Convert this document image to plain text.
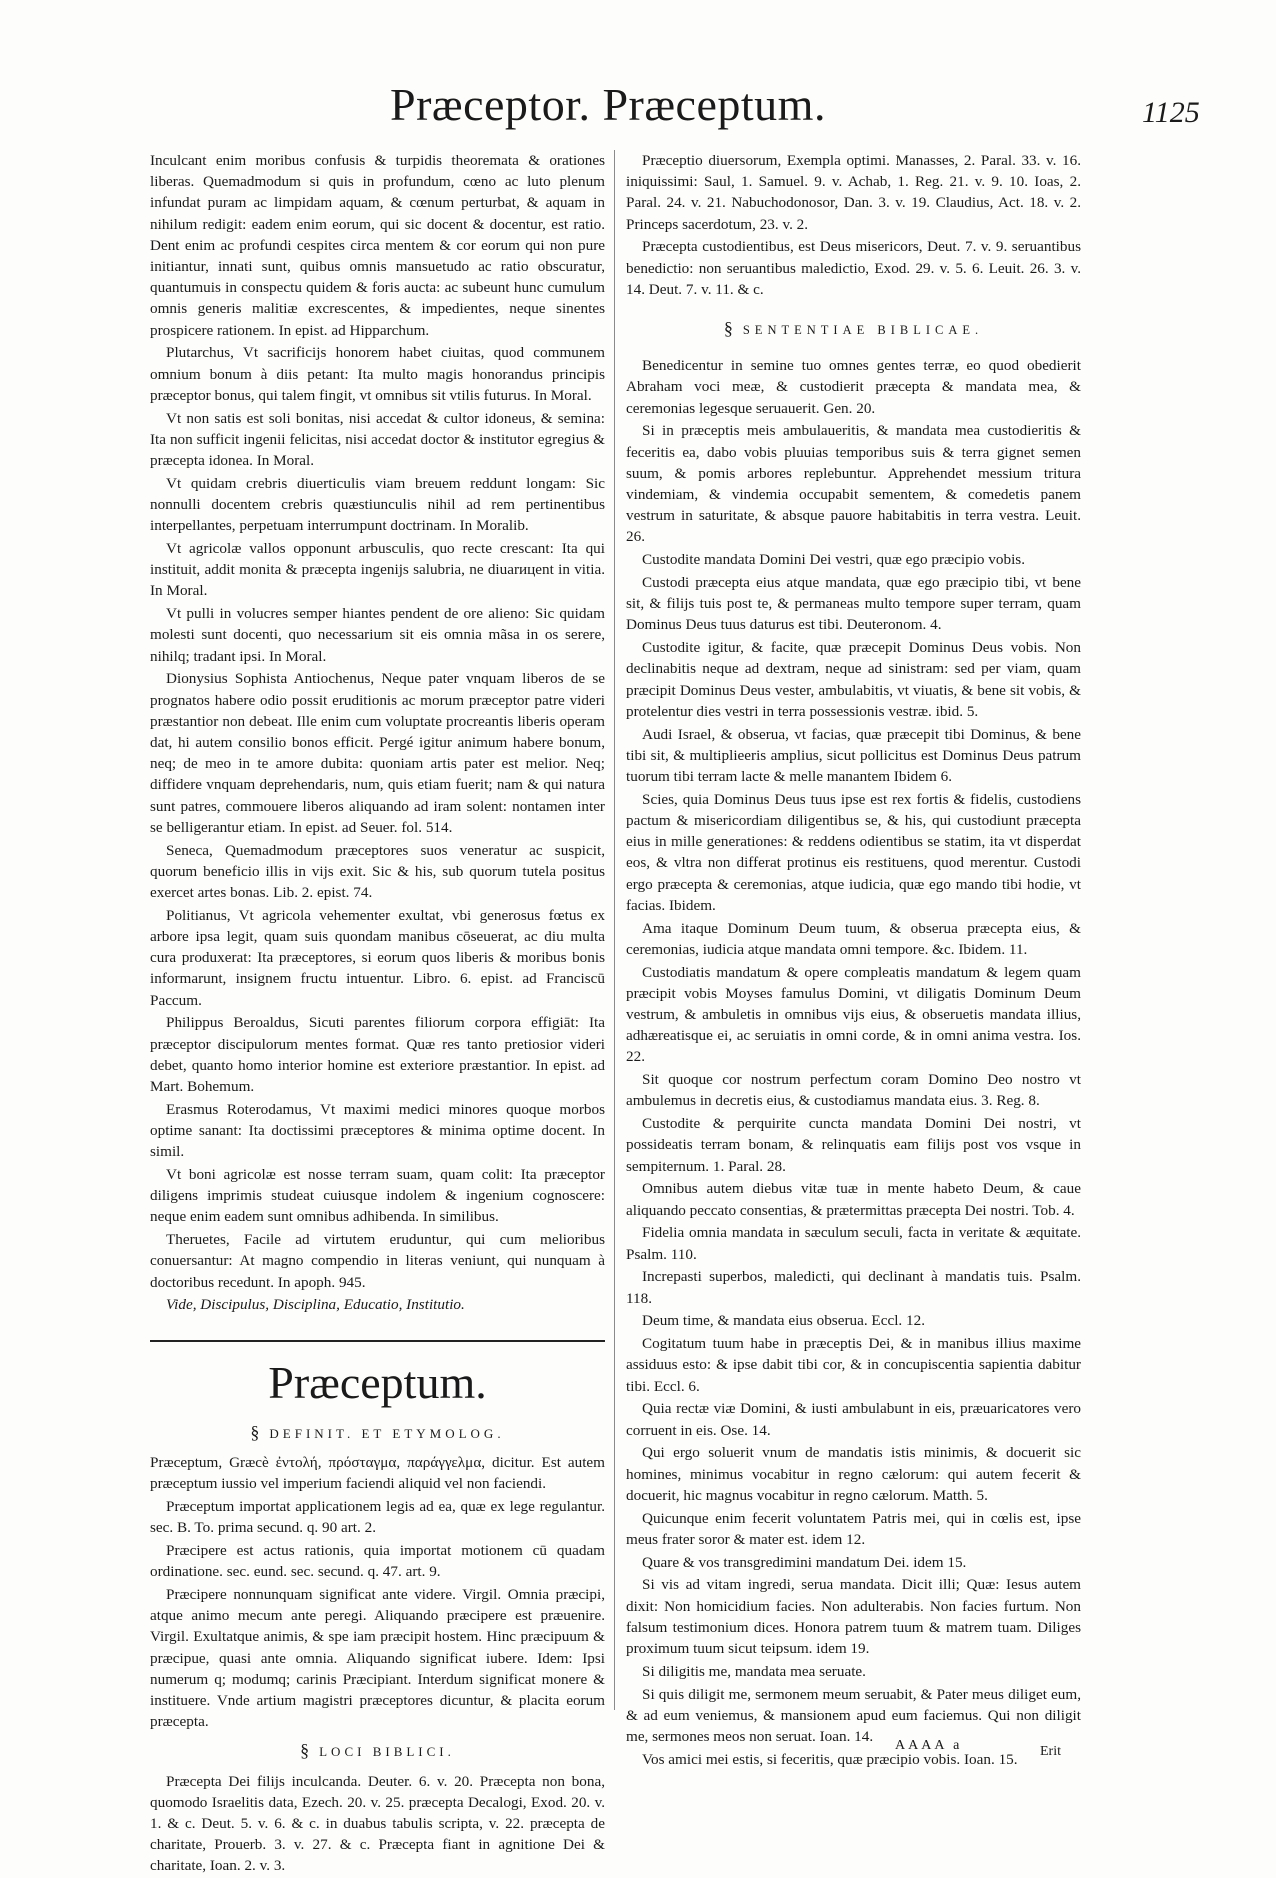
Præceptor. Præceptum.	1125

Inculcant enim moribus confusis & turpidis theoremata & orationes liberas. Quemadmodum si quis in profundum, cœno ac luto plenum infundat puram ac limpidam aquam, & cœnum perturbat, & aquam in nihilum redigit: eadem enim eorum, qui sic docent & docentur, est ratio. Dent enim ac profundi cespites circa mentem & cor eorum qui non pure initiantur, innati sunt, quibus omnis mansuetudo ac ratio obscuratur, quantumuis in conspectu quidem & foris aucta: ac subeunt hunc cumulum omnis generis malitiæ excrescentes, & impedientes, neque sinentes prospicere rationem. In epist. ad Hipparchum.

Plutarchus, Vt sacrificijs honorem habet ciuitas, quod communem omnium bonum à diis petant: Ita multo magis honorandus principis præceptor bonus, qui talem fingit, vt omnibus sit vtilis futurus. In Moral.

Vt non satis est soli bonitas, nisi accedat & cultor idoneus, & semina: Ita non sufficit ingenii felicitas, nisi accedat doctor & institutor egregius & præcepta idonea. In Moral.

Vt quidam crebris diuerticulis viam breuem reddunt longam: Sic nonnulli docentem crebris quæstiunculis nihil ad rem pertinentibus interpellantes, perpetuam interrumpunt doctrinam. In Moralib.

Vt agricolæ vallos opponunt arbusculis, quo recte crescant: Ita qui instituit, addit monita & præcepta ingenijs salubria, ne diuarицent in vitia. In Moral.

Vt pulli in volucres semper hiantes pendent de ore alieno: Sic quidam molesti sunt docenti, quo necessarium sit eis omnia mãsa in os serere, nihilq; tradant ipsi. In Moral.

Dionysius Sophista Antiochenus, Neque pater vnquam liberos de se prognatos habere odio possit eruditionis ac morum præceptor patre videri præstantior non debeat. Ille enim cum voluptate procreantis liberis operam dat, hi autem consilio bonos efficit. Pergé igitur animum habere bonum, neq; de meo in te amore dubita: quoniam artis pater est melior. Neq; diffidere vnquam deprehendaris, num, quis etiam fuerit; nam & qui natura sunt patres, commouere liberos aliquando ad iram solent: nontamen inter se belligerantur etiam. In epist. ad Seuer. fol. 514.

Seneca, Quemadmodum præceptores suos veneratur ac suspicit, quorum beneficio illis in vijs exit. Sic & his, sub quorum tutela positus exercet artes bonas. Lib. 2. epist. 74.

Politianus, Vt agricola vehementer exultat, vbi generosus fœtus ex arbore ipsa legit, quam suis quondam manibus cōseuerat, ac diu multa cura produxerat: Ita præceptores, si eorum quos liberis & moribus bonis informarunt, insignem fructu intuentur. Libro. 6. epist. ad Franciscū Paccum.

Philippus Beroaldus, Sicuti parentes filiorum corpora effigiāt: Ita præceptor discipulorum mentes format. Quæ res tanto pretiosior videri debet, quanto homo interior homine est exteriore præstantior. In epist. ad Mart. Bohemum.

Erasmus Roterodamus, Vt maximi medici minores quoque morbos optime sanant: Ita doctissimi præceptores & minima optime docent. In simil.

Vt boni agricolæ est nosse terram suam, quam colit: Ita præceptor diligens imprimis studeat cuiusque indolem & ingenium cognoscere: neque enim eadem sunt omnibus adhibenda. In similibus.

Theruetes, Facile ad virtutem eruduntur, qui cum melioribus conuersantur: At magno compendio in literas veniunt, qui nunquam à doctoribus recedunt. In apoph. 945.

Vide, Discipulus, Disciplina, Educatio, Institutio.

Præceptum.
§ DEFINIT. ET ETYMOLOG.

Præceptum, Græcè ἐντολή, πρόσταγμα, παράγγελμα, dicitur. Est autem præceptum iussio vel imperium faciendi aliquid vel non faciendi.

Præceptum importat applicationem legis ad ea, quæ ex lege regulantur. sec. B. To. prima secund. q. 90 art. 2.

Præcipere est actus rationis, quia importat motionem cū quadam ordinatione. sec. eund. sec. secund. q. 47. art. 9.

Præcipere nonnunquam significat ante videre. Virgil. Omnia præcipi, atque animo mecum ante peregi. Aliquando præcipere est præuenire. Virgil. Exultatque animis, & spe iam præcipit hostem. Hinc præcipuum & præcipue, quasi ante omnia. Aliquando significat iubere. Idem: Ipsi numerum q; modumq; carinis Præcipiant. Interdum significat monere & instituere. Vnde artium magistri præceptores dicuntur, & placita eorum præcepta.

§ LOCI BIBLICI.

Præcepta Dei filijs inculcanda. Deuter. 6. v. 20. Præcepta non bona, quomodo Israelitis data, Ezech. 20. v. 25. præcepta Decalogi, Exod. 20. v. 1. & c. Deut. 5. v. 6. & c. in duabus tabulis scripta, v. 22. præcepta de charitate, Prouerb. 3. v. 27. & c. Præcepta fiant in agnitione Dei & charitate, Ioan. 2. v. 3.

Præceptio diuersorum, Exempla optimi. Manasses, 2. Paral. 33. v. 16. iniquissimi: Saul, 1. Samuel. 9. v. Achab, 1. Reg. 21. v. 9. 10. Ioas, 2. Paral. 24. v. 21. Nabuchodonosor, Dan. 3. v. 19. Claudius, Act. 18. v. 2. Princeps sacerdotum, 23. v. 2.

Præcepta custodientibus, est Deus misericors, Deut. 7. v. 9. seruantibus benedictio: non seruantibus maledictio, Exod. 29. v. 5. 6. Leuit. 26. 3. v. 14. Deut. 7. v. 11. & c.

§ SENTENTIAE BIBLICAE.

Benedicentur in semine tuo omnes gentes terræ, eo quod obedierit Abraham voci meæ, & custodierit præcepta & mandata mea, & ceremonias legesque seruauerit. Gen. 20.

Si in præceptis meis ambulaueritis, & mandata mea custodieritis & feceritis ea, dabo vobis pluuias temporibus suis & terra gignet semen suum, & pomis arbores replebuntur. Apprehendet messium tritura vindemiam, & vindemia occupabit sementem, & comedetis panem vestrum in saturitate, & absque pauore habitabitis in terra vestra. Leuit. 26.

Custodite mandata Domini Dei vestri, quæ ego præcipio vobis.

Custodi præcepta eius atque mandata, quæ ego præcipio tibi, vt bene sit, & filijs tuis post te, & permaneas multo tempore super terram, quam Dominus Deus tuus daturus est tibi. Deuteronom. 4.

Custodite igitur, & facite, quæ præcepit Dominus Deus vobis. Non declinabitis neque ad dextram, neque ad sinistram: sed per viam, quam præcipit Dominus Deus vester, ambulabitis, vt viuatis, & bene sit vobis, & protelentur dies vestri in terra possessionis vestræ. ibid. 5.

Audi Israel, & obserua, vt facias, quæ præcepit tibi Dominus, & bene tibi sit, & multiplieeris amplius, sicut pollicitus est Dominus Deus patrum tuorum tibi terram lacte & melle manantem Ibidem 6.

Scies, quia Dominus Deus tuus ipse est rex fortis & fidelis, custodiens pactum & misericordiam diligentibus se, & his, qui custodiunt præcepta eius in mille generationes: & reddens odientibus se statim, ita vt disperdat eos, & vltra non differat protinus eis restituens, quod merentur. Custodi ergo præcepta & ceremonias, atque iudicia, quæ ego mando tibi hodie, vt facias. Ibidem.

Ama itaque Dominum Deum tuum, & obserua præcepta eius, & ceremonias, iudicia atque mandata omni tempore. &c. Ibidem. 11.

Custodiatis mandatum & opere compleatis mandatum & legem quam præcipit vobis Moyses famulus Domini, vt diligatis Dominum Deum vestrum, & ambuletis in omnibus vijs eius, & obseruetis mandata illius, adhæreatisque ei, ac seruiatis in omni corde, & in omni anima vestra. Ios. 22.

Sit quoque cor nostrum perfectum coram Domino Deo nostro vt ambulemus in decretis eius, & custodiamus mandata eius. 3. Reg. 8.

Custodite & perquirite cuncta mandata Domini Dei nostri, vt possideatis terram bonam, & relinquatis eam filijs post vos vsque in sempiternum. 1. Paral. 28.

Omnibus autem diebus vitæ tuæ in mente habeto Deum, & caue aliquando peccato consentias, & prætermittas præcepta Dei nostri. Tob. 4.

Fidelia omnia mandata in sæculum seculi, facta in veritate & æquitate. Psalm. 110.

Increpasti superbos, maledicti, qui declinant à mandatis tuis. Psalm. 118.

Deum time, & mandata eius obserua. Eccl. 12.

Cogitatum tuum habe in præceptis Dei, & in manibus illius maxime assiduus esto: & ipse dabit tibi cor, & in concupiscentia sapientia dabitur tibi. Eccl. 6.

Quia rectæ viæ Domini, & iusti ambulabunt in eis, præuaricatores vero corruent in eis. Ose. 14.

Qui ergo soluerit vnum de mandatis istis minimis, & docuerit sic homines, minimus vocabitur in regno cælorum: qui autem fecerit & docuerit, hic magnus vocabitur in regno cælorum. Matth. 5.

Quicunque enim fecerit voluntatem Patris mei, qui in cœlis est, ipse meus frater soror & mater est. idem 12.

Quare & vos transgredimini mandatum Dei. idem 15.

Si vis ad vitam ingredi, serua mandata. Dicit illi; Quæ: Iesus autem dixit: Non homicidium facies. Non adulterabis. Non facies furtum. Non falsum testimonium dices. Honora patrem tuum & matrem tuam. Diliges proximum tuum sicut teipsum. idem 19.

Si diligitis me, mandata mea seruate.

Si quis diligit me, sermonem meum seruabit, & Pater meus diliget eum, & ad eum veniemus, & mansionem apud eum faciemus. Qui non diligit me, sermones meos non seruat. Ioan. 14.

Vos amici mei estis, si feceritis, quæ præcipio vobis. Ioan. 15.

AAAA a	Erit
